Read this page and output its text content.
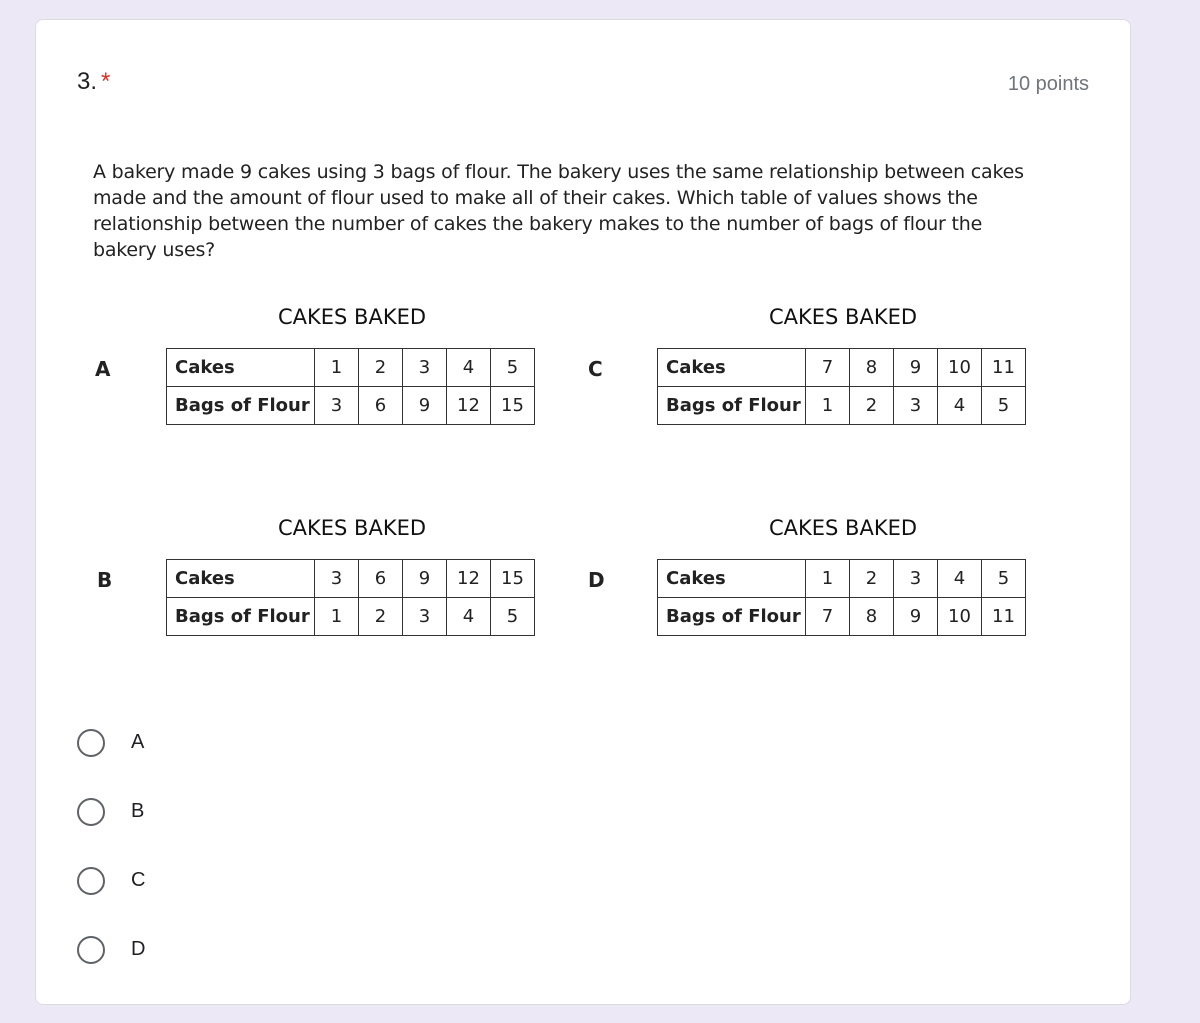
3. *	10 points
A bakery made 9 cakes using 3 bags of flour. The bakery uses the same relationship between cakes made and the amount of flour used to make all of their cakes. Which table of values shows the relationship between the number of cakes the bakery makes to the number of bags of flour the bakery uses?
A
CAKES BAKED
Cakes	1	2	3	4	5
Bags of Flour	3	6	9	12	15
C
CAKES BAKED
Cakes	7	8	9	10	11
Bags of Flour	1	2	3	4	5
B
CAKES BAKED
Cakes	3	6	9	12	15
Bags of Flour	1	2	3	4	5
D
CAKES BAKED
Cakes	1	2	3	4	5
Bags of Flour	7	8	9	10	11
A
B
C
D
